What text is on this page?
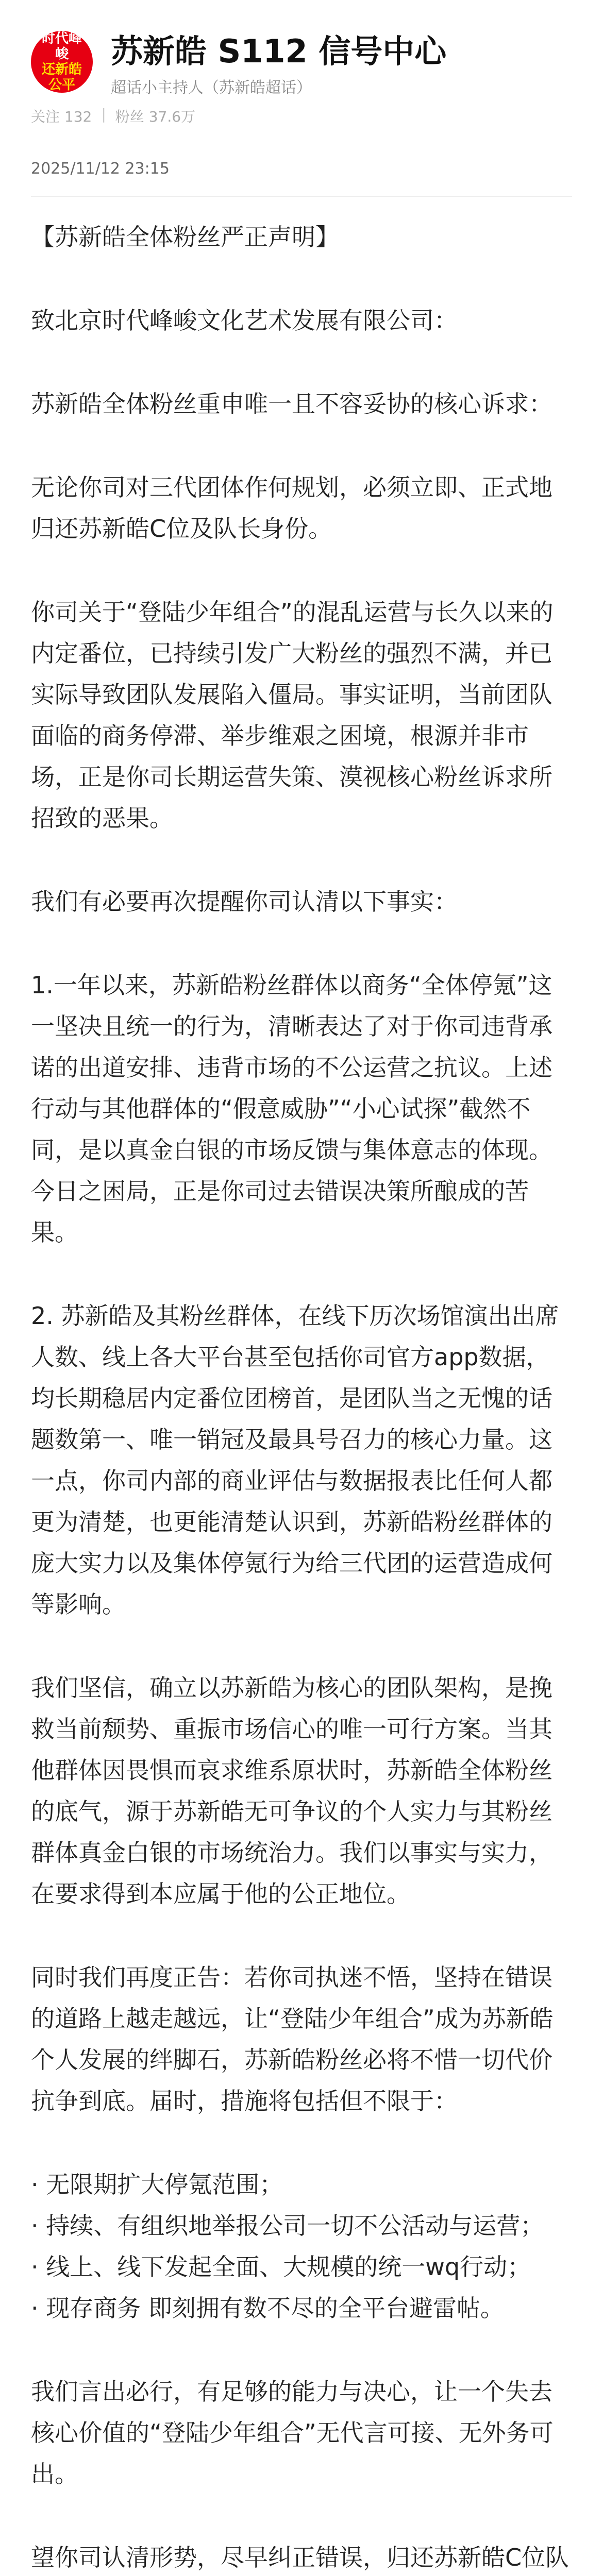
时代峰峻
还新皓公平
苏新皓 S112 信号中心
超话小主持人（苏新皓超话）
关注 132 | 粉丝 37.6万
2025/11/12 23:15

【苏新皓全体粉丝严正声明】

致北京时代峰峻文化艺术发展有限公司：

苏新皓全体粉丝重申唯一且不容妥协的核心诉求：

无论你司对三代团体作何规划，必须立即、正式地归还苏新皓C位及队长身份。

你司关于“登陆少年组合”的混乱运营与长久以来的内定番位，已持续引发广大粉丝的强烈不满，并已实际导致团队发展陷入僵局。事实证明，当前团队面临的商务停滞、举步维艰之困境，根源并非市场，正是你司长期运营失策、漠视核心粉丝诉求所招致的恶果。

我们有必要再次提醒你司认清以下事实：

1.一年以来，苏新皓粉丝群体以商务“全体停氪”这一坚决且统一的行为，清晰表达了对于你司违背承诺的出道安排、违背市场的不公运营之抗议。上述行动与其他群体的“假意威胁”“小心试探”截然不同，是以真金白银的市场反馈与集体意志的体现。今日之困局，正是你司过去错误决策所酿成的苦果。

2. 苏新皓及其粉丝群体，在线下历次场馆演出出席人数、线上各大平台甚至包括你司官方app数据，均长期稳居内定番位团榜首，是团队当之无愧的话题数第一、唯一销冠及最具号召力的核心力量。这一点，你司内部的商业评估与数据报表比任何人都更为清楚，也更能清楚认识到，苏新皓粉丝群体的庞大实力以及集体停氪行为给三代团的运营造成何等影响。

我们坚信，确立以苏新皓为核心的团队架构，是挽救当前颓势、重振市场信心的唯一可行方案。当其他群体因畏惧而哀求维系原状时，苏新皓全体粉丝的底气，源于苏新皓无可争议的个人实力与其粉丝群体真金白银的市场统治力。我们以事实与实力，在要求得到本应属于他的公正地位。

同时我们再度正告：若你司执迷不悟，坚持在错误的道路上越走越远，让“登陆少年组合”成为苏新皓个人发展的绊脚石，苏新皓粉丝必将不惜一切代价抗争到底。届时，措施将包括但不限于：

· 无限期扩大停氪范围；
· 持续、有组织地举报公司一切不公活动与运营；
· 线上、线下发起全面、大规模的统一wq行动；
· 现存商务 即刻拥有数不尽的全平台避雷帖。

我们言出必行，有足够的能力与决心，让一个失去核心价值的“登陆少年组合”无代言可接、无外务可出。

望你司认清形势，尽早纠正错误，归还苏新皓C位队
